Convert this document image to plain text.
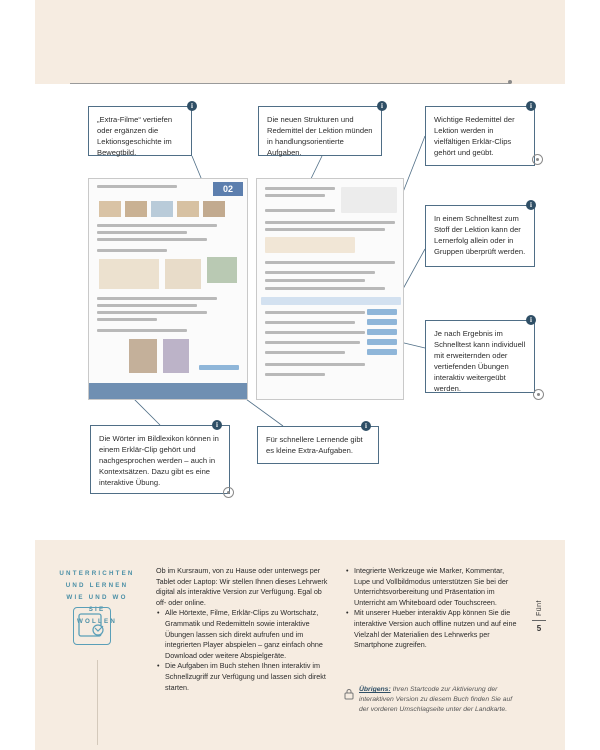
02
„Extra-Filme“ vertiefen oder ergänzen die Lektionsgeschichte im Bewegtbild.
i
Die neuen Strukturen und Redemittel der Lektion münden in handlungsorientierte Aufgaben.
i
Wichtige Redemittel der Lektion werden in vielfältigen Erklär-Clips gehört und geübt.
i
In einem Schnelltest zum Stoff der Lektion kann der Lernerfolg allein oder in Gruppen überprüft werden.
i
Je nach Ergebnis im Schnelltest kann individuell mit erweiternden oder vertiefenden Übungen interaktiv weitergeübt werden.
i
Die Wörter im Bildlexikon können in einem Erklär-Clip gehört und nachgesprochen werden – auch in Kontextsätzen. Dazu gibt es eine interaktive Übung.
i
Für schnellere Lernende gibt es kleine Extra-Aufgaben.
i
UNTERRICHTEN
UND LERNEN
WIE UND WO SIE
WOLLEN

Ob im Kursraum, von zu Hause oder unterwegs per Tablet oder Laptop: Wir stellen Ihnen dieses Lehrwerk digital als interaktive Version zur Verfügung. Egal ob off- oder online.

• Alle Hörtexte, Filme, Erklär-Clips zu Wortschatz, Grammatik und Redemitteln sowie interaktive Übungen lassen sich direkt aufrufen und im integrierten Player abspielen – ganz einfach ohne Download oder weitere Abspielgeräte.
• Die Aufgaben im Buch stehen Ihnen interaktiv im Schnellzugriff zur Verfügung und lassen sich direkt starten.
• Integrierte Werkzeuge wie Marker, Kommentar, Lupe und Vollbildmodus unterstützen Sie bei der Unterrichtsvorbereitung und Präsentation im Unterricht am Whiteboard oder Touchscreen.
• Mit unserer Hueber interaktiv App können Sie die interaktive Version auch offline nutzen und auf eine Vielzahl der Materialien des Lehrwerks per Smartphone zugreifen.
Übrigens: Ihren Startcode zur Aktivierung der interaktiven Version zu diesem Buch finden Sie auf der vorderen Umschlagseite unter der Landkarte.
Fünf
5
